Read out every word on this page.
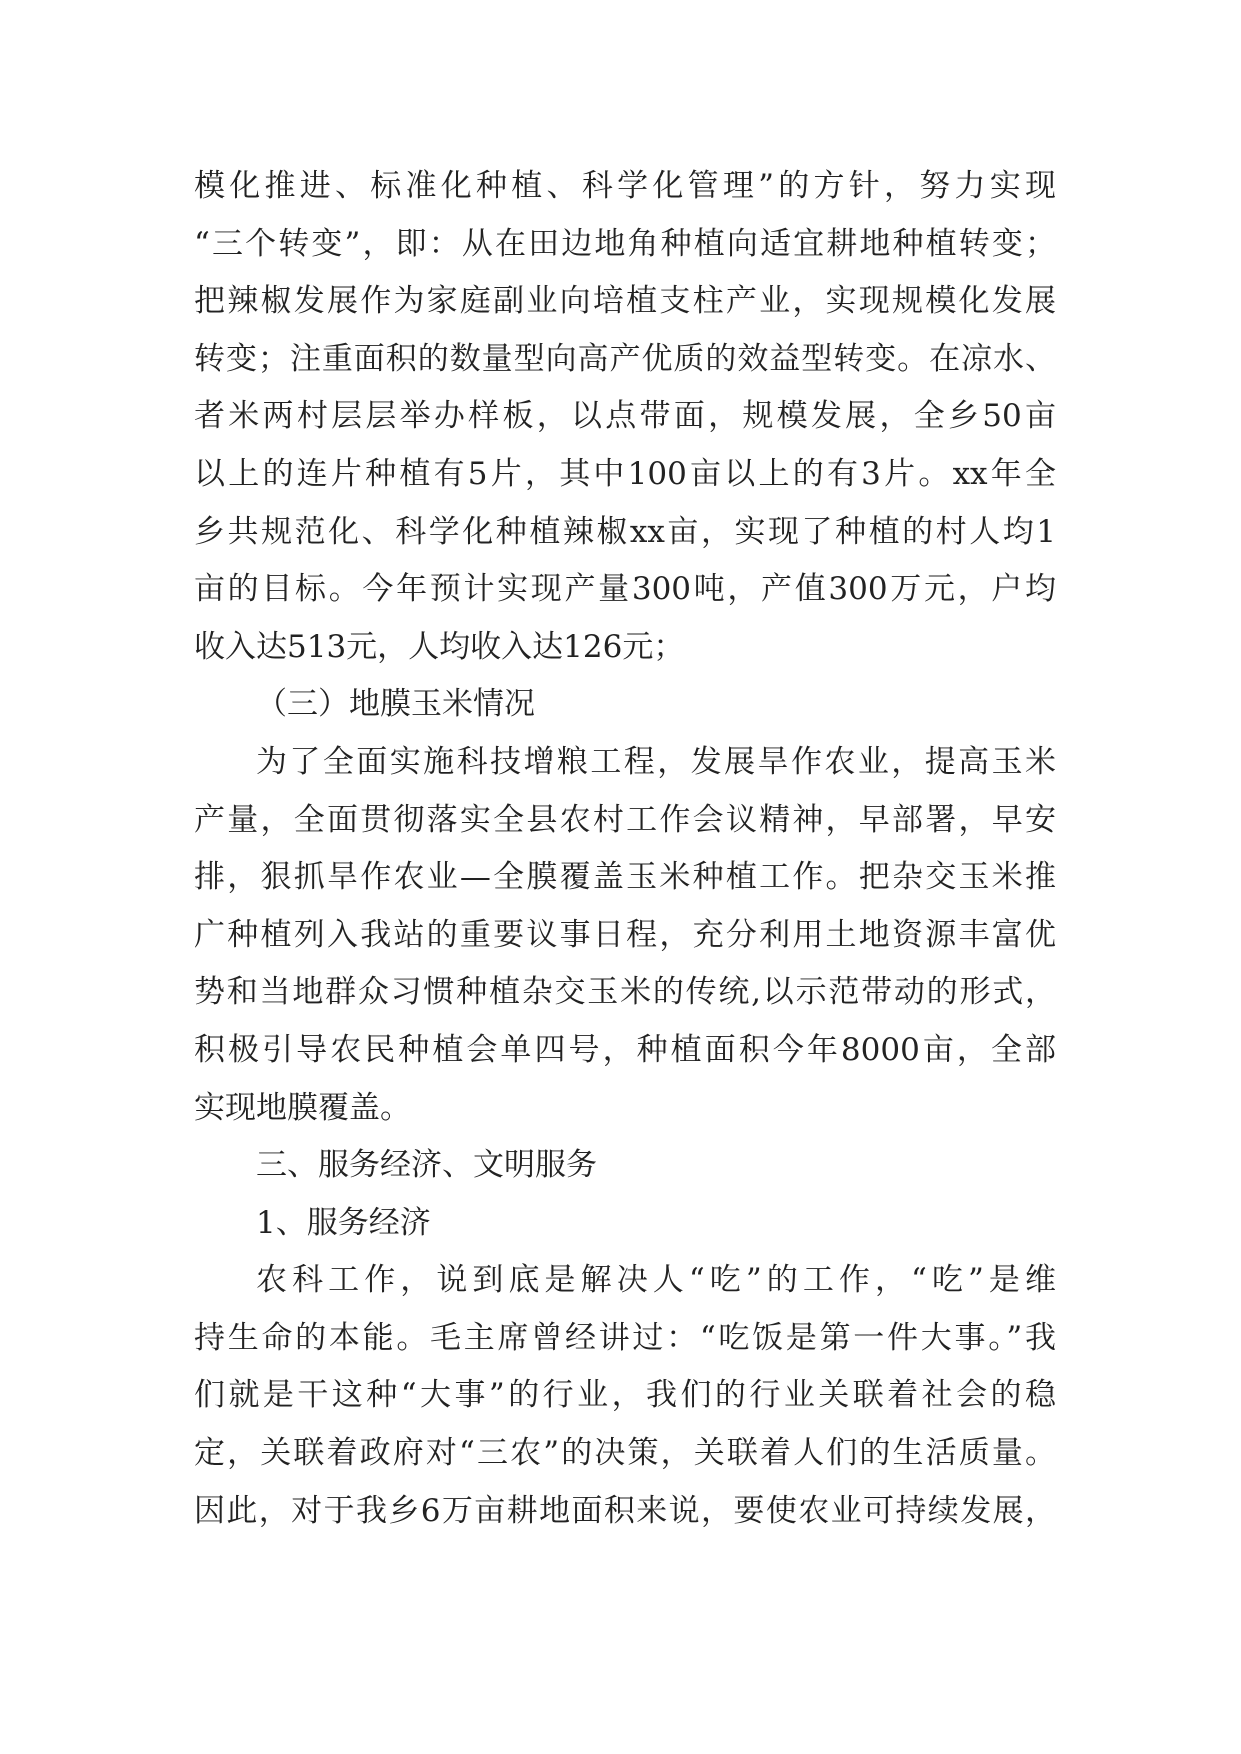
模化推进、标准化种植、科学化管理”的方针，努力实现
“三个转变”，即：从在田边地角种植向适宜耕地种植转变；
把辣椒发展作为家庭副业向培植支柱产业，实现规模化发展
转变；注重面积的数量型向高产优质的效益型转变。在凉水、
者米两村层层举办样板，以点带面，规模发展，全乡50亩
以上的连片种植有5片，其中100亩以上的有3片。xx年全
乡共规范化、科学化种植辣椒xx亩，实现了种植的村人均1
亩的目标。今年预计实现产量300吨，产值300万元，户均
收入达513元，人均收入达126元；
（三）地膜玉米情况
为了全面实施科技增粮工程，发展旱作农业，提高玉米
产量，全面贯彻落实全县农村工作会议精神，早部署，早安
排，狠抓旱作农业—全膜覆盖玉米种植工作。把杂交玉米推
广种植列入我站的重要议事日程，充分利用土地资源丰富优
势和当地群众习惯种植杂交玉米的传统,以示范带动的形式，
积极引导农民种植会单四号，种植面积今年8000亩，全部
实现地膜覆盖。
三、服务经济、文明服务
1、服务经济
农科工作，说到底是解决人“吃”的工作，“吃”是维
持生命的本能。毛主席曾经讲过：“吃饭是第一件大事。”我
们就是干这种“大事”的行业，我们的行业关联着社会的稳
定，关联着政府对“三农”的决策，关联着人们的生活质量。
因此，对于我乡6万亩耕地面积来说，要使农业可持续发展，
